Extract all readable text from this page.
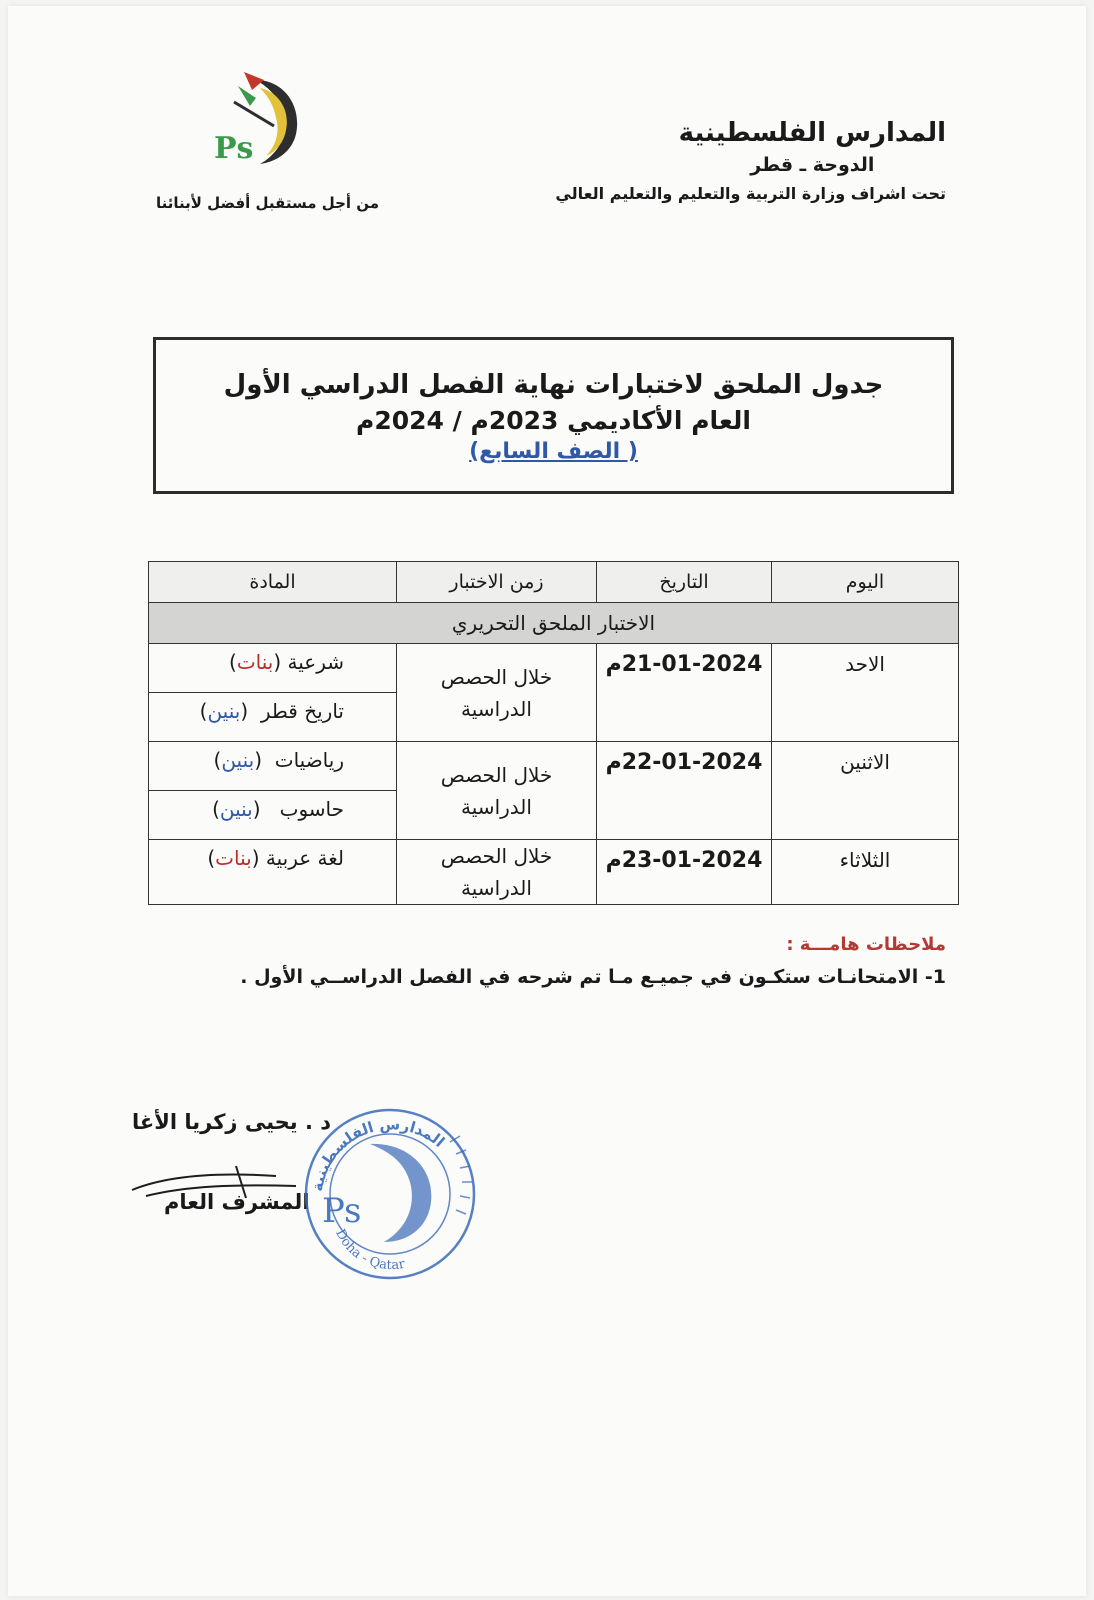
المدارس الفلسطينية
الدوحة ـ قطر
تحت اشراف وزارة التربية والتعليم والتعليم العالي
Ps
من أجل مستقبل أفضل لأبنائنا
جدول الملحق لاختبارات نهاية الفصل الدراسي الأول
العام الأكاديمي 2023م / 2024م
( الصف السابع)
اليوم	التاريخ	زمن الاختبار	المادة
الاختبار الملحق التحريري			
الاحد	21-01-2024م	خلال الحصص الدراسية	شرعية (بنات)
			تاريخ قطر  (بنين)
الاثنين	22-01-2024م	خلال الحصص الدراسية	رياضيات  (بنين)
			حاسوب   (بنين)
الثلاثاء	23-01-2024م	خلال الحصص الدراسية	لغة عربية (بنات)
ملاحظات هامـــة :
1- الامتحانـات ستكـون في جميـع مـا تم شرحه في الفصل الدراســي الأول .
د . يحيى زكريا الأغا
المشرف العام
المدارس الفلسطينية
Ps
Doha - Qatar
